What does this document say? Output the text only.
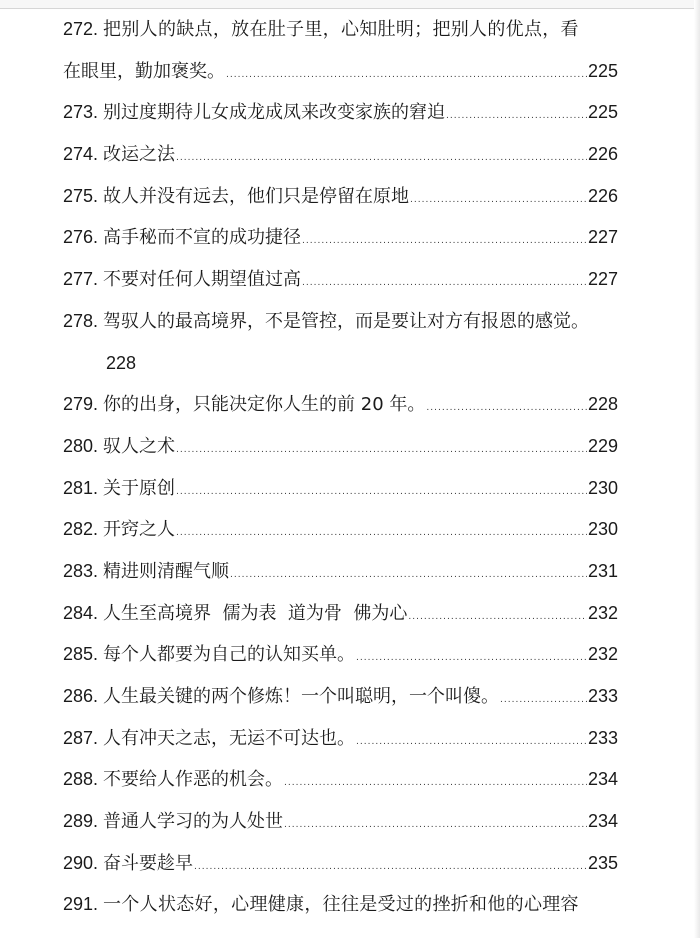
272. 把别人的缺点，放在肚子里，心知肚明；把别人的优点，看
在眼里，勤加褒奖。 .....	225
273. 别过度期待儿女成龙成凤来改变家族的窘迫 .....	225
274. 改运之法 .....	226
275. 故人并没有远去，他们只是停留在原地 .....	226
276. 高手秘而不宣的成功捷径 .....	227
277. 不要对任何人期望值过高 .....	227
278. 驾驭人的最高境界，不是管控，而是要让对方有报恩的感觉。
228
279. 你的出身，只能决定你人生的前 20 年。 .....	228
280. 驭人之术 .....	229
281. 关于原创 .....	230
282. 开窍之人 .....	230
283. 精进则清醒气顺 .....	231
284. 人生至高境界  儒为表  道为骨  佛为心 .....	232
285. 每个人都要为自己的认知买单。 .....	232
286. 人生最关键的两个修炼！一个叫聪明，一个叫傻。 .....	233
287. 人有冲天之志，无运不可达也。 .....	233
288. 不要给人作恶的机会。 .....	234
289. 普通人学习的为人处世 .....	234
290. 奋斗要趁早 .....	235
291. 一个人状态好，心理健康，往往是受过的挫折和他的心理容
